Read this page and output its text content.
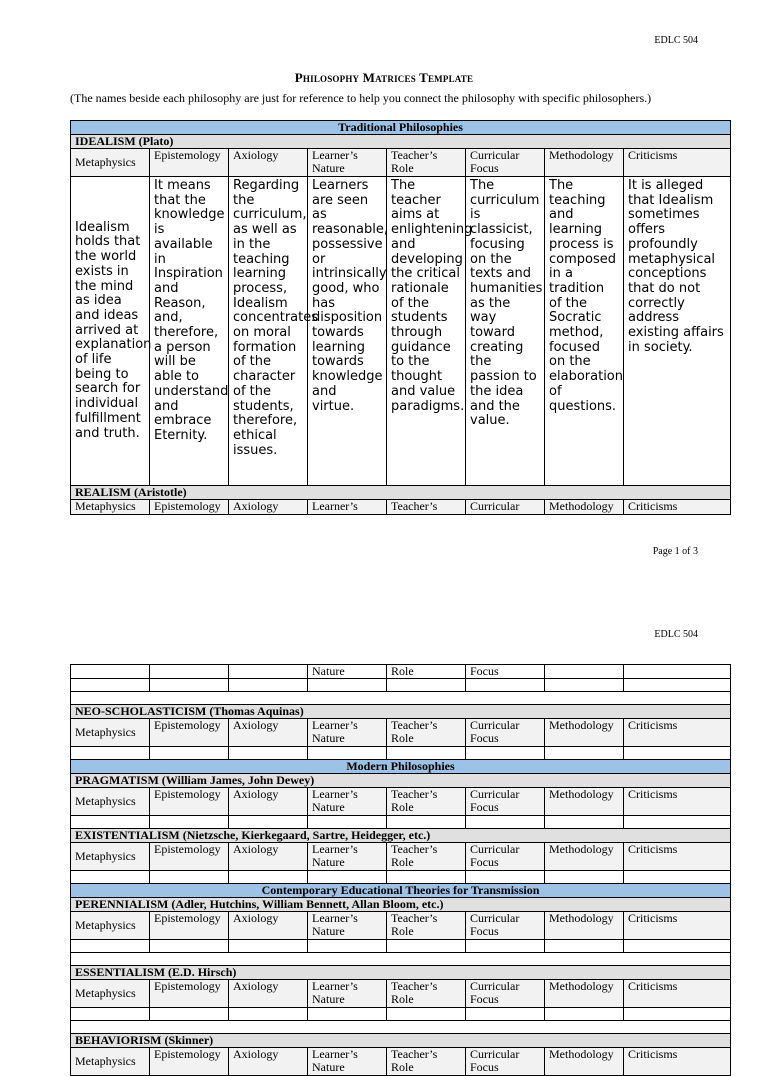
EDLC 504
Philosophy Matrices Template
(The names beside each philosophy are just for reference to help you connect the philosophy with specific philosophers.)
Traditional Philosophies							
IDEALISM (Plato)							
Metaphysics	Epistemology	Axiology	Learner’s Nature	Teacher’s Role	Curricular Focus	Methodology	Criticisms
Idealism holds that the world exists in the mind as idea and ideas arrived at explanation of life being to search for individual fulfillment and truth.	It means that the knowledge is available in Inspiration and Reason, and, therefore, a person will be able to understand and embrace Eternity.	Regarding the curriculum, as well as in the teaching learning process, Idealism concentrates on moral formation of the character of the students, therefore, ethical issues.	Learners are seen as reasonable, possessive or intrinsically good, who has disposition towards learning towards knowledge and virtue.	The teacher aims at enlightening and developing the critical rationale of the students through guidance to the thought and value paradigms.	The curriculum is classicist, focusing on the texts and humanities as the way toward creating the passion to the idea and the value.	The teaching and learning process is composed in a tradition of the Socratic method, focused on the elaboration of questions.	It is alleged that Idealism sometimes offers profoundly metaphysical conceptions that do not correctly address existing affairs in society.
REALISM (Aristotle)							
Metaphysics	Epistemology	Axiology	Learner’s	Teacher’s	Curricular	Methodology	Criticisms
Page 1 of 3
EDLC 504
			Nature	Role	Focus		

NEO-SCHOLASTICISM (Thomas Aquinas)							
Metaphysics	Epistemology	Axiology	Learner’s Nature	Teacher’s Role	Curricular Focus	Methodology	Criticisms

Modern Philosophies							
PRAGMATISM (William James, John Dewey)							
Metaphysics	Epistemology	Axiology	Learner’s Nature	Teacher’s Role	Curricular Focus	Methodology	Criticisms

EXISTENTIALISM (Nietzsche, Kierkegaard, Sartre, Heidegger, etc.)							
Metaphysics	Epistemology	Axiology	Learner’s Nature	Teacher’s Role	Curricular Focus	Methodology	Criticisms

Contemporary Educational Theories for Transmission							
PERENNIALISM (Adler, Hutchins, William Bennett, Allan Bloom, etc.)							
Metaphysics	Epistemology	Axiology	Learner’s Nature	Teacher’s Role	Curricular Focus	Methodology	Criticisms

ESSENTIALISM (E.D. Hirsch)							
Metaphysics	Epistemology	Axiology	Learner’s Nature	Teacher’s Role	Curricular Focus	Methodology	Criticisms

BEHAVIORISM (Skinner)							
Metaphysics	Epistemology	Axiology	Learner’s Nature	Teacher’s Role	Curricular Focus	Methodology	Criticisms
